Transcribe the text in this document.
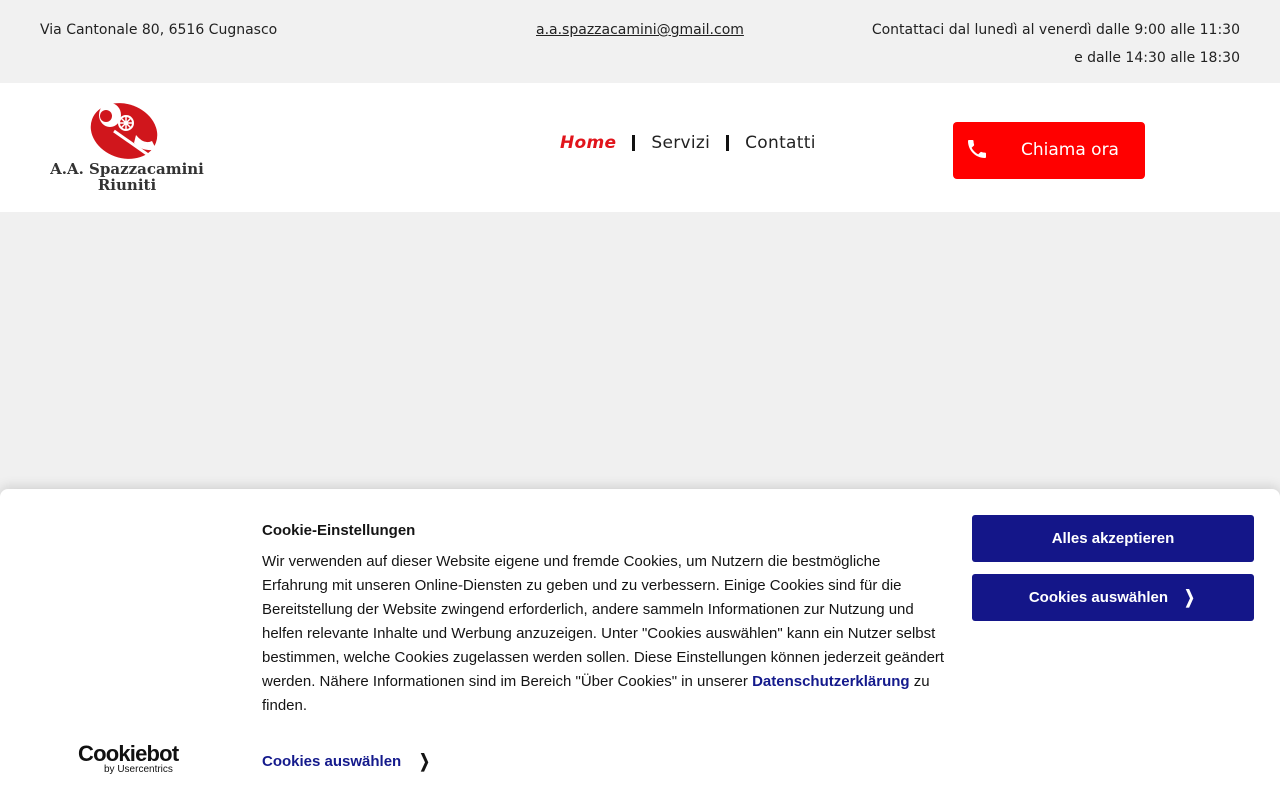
Via Cantonale 80, 6516 Cugnasco	a.a.spazzacamini@gmail.com	Contattaci dal lunedì al venerdì dalle 9:00 alle 11:30 e dalle 14:30 alle 18:30
A.A. Spazzacamini
Riuniti
Home Servizi Contatti	Chiama ora
Cookie-Einstellungen
Wir verwenden auf dieser Website eigene und fremde Cookies, um Nutzern die bestmögliche Erfahrung mit unseren Online-Diensten zu geben und zu verbessern. Einige Cookies sind für die Bereitstellung der Website zwingend erforderlich, andere sammeln Informationen zur Nutzung und helfen relevante Inhalte und Werbung anzuzeigen. Unter "Cookies auswählen" kann ein Nutzer selbst bestimmen, welche Cookies zugelassen werden sollen. Diese Einstellungen können jederzeit geändert werden. Nähere Informationen sind im Bereich "Über Cookies" in unserer Datenschutzerklärung zu finden.
Alles akzeptieren
Cookies auswählen ❯
Cookiebot
by Usercentrics	Cookies auswählen ❯
